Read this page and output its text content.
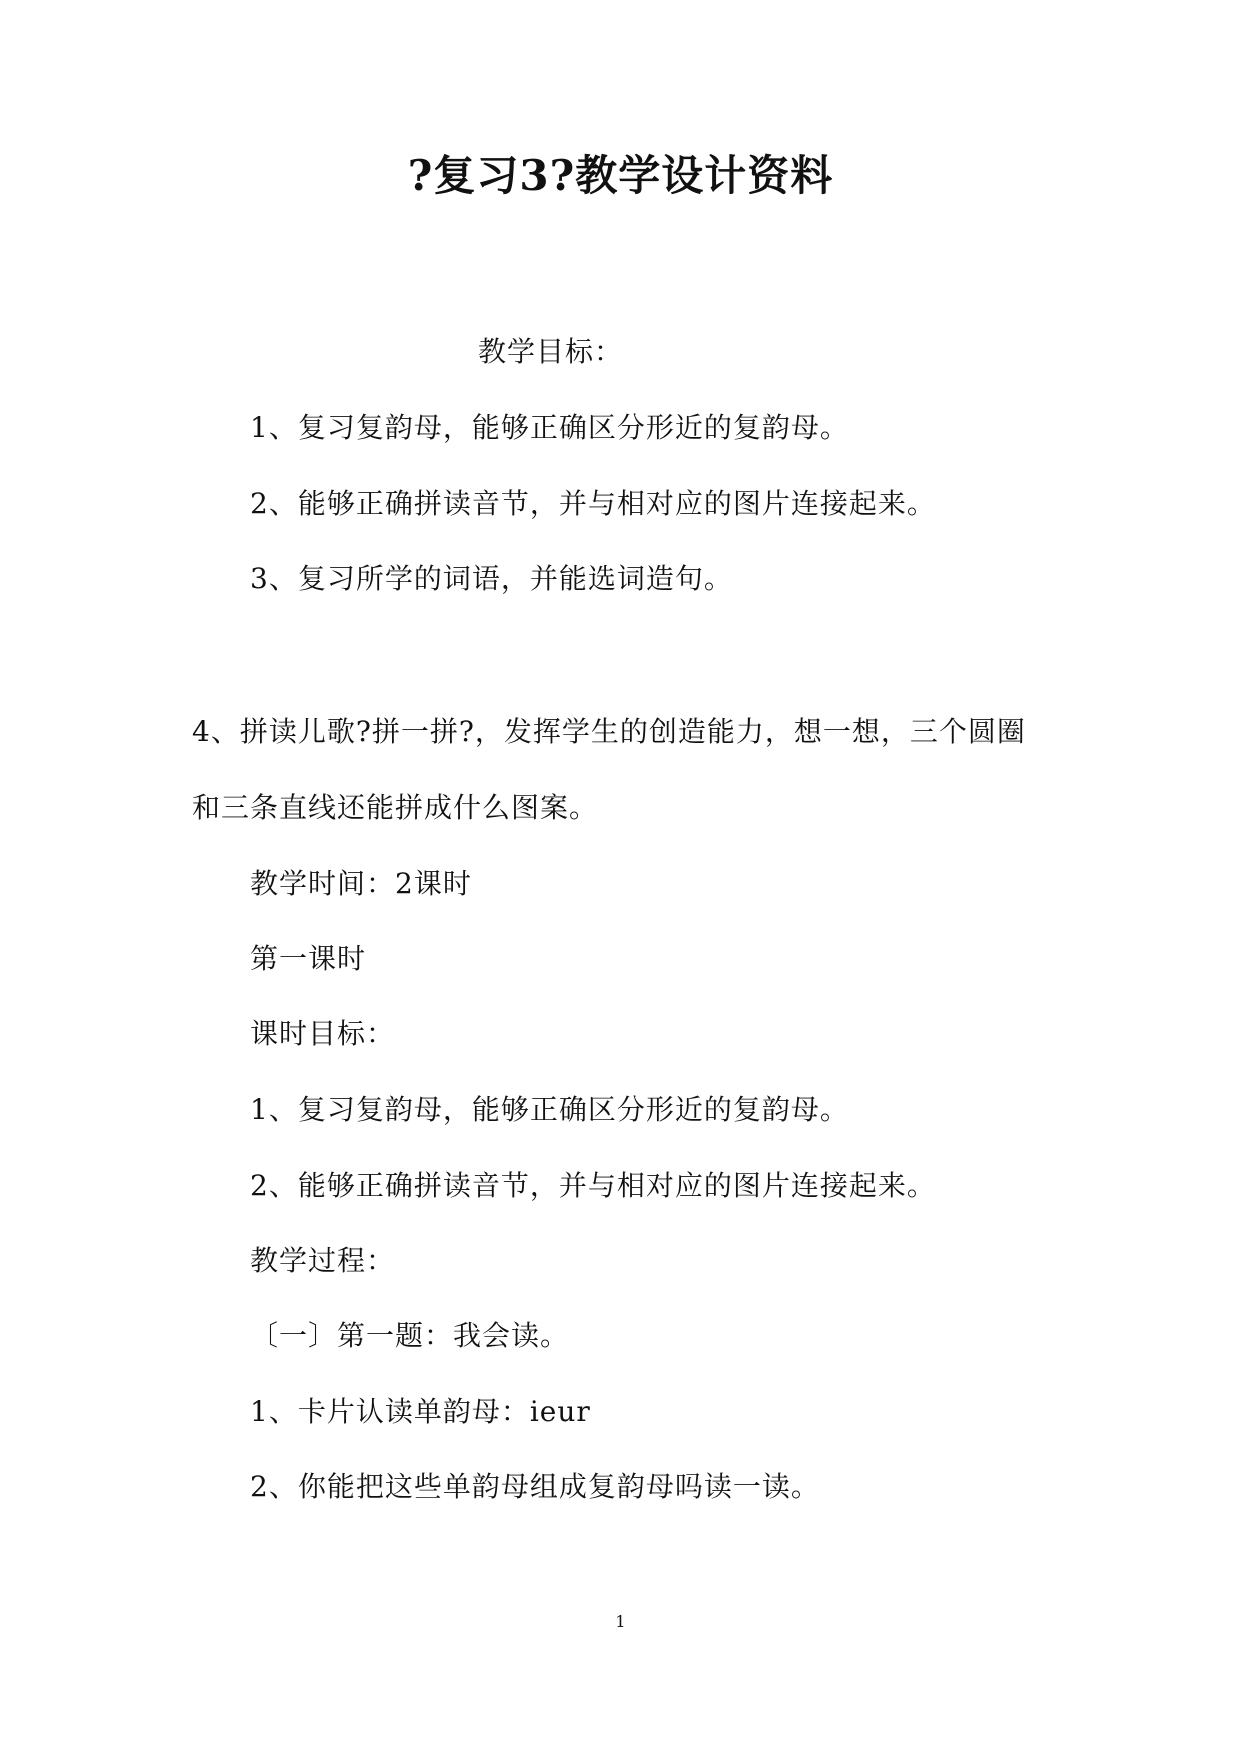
?复习3?教学设计资料
教学目标：
1、复习复韵母，能够正确区分形近的复韵母。
2、能够正确拼读音节，并与相对应的图片连接起来。
3、复习所学的词语，并能选词造句。
4、拼读儿歌?拼一拼?，发挥学生的创造能力，想一想，三个圆圈
和三条直线还能拼成什么图案。
教学时间：2课时
第一课时
课时目标：
1、复习复韵母，能够正确区分形近的复韵母。
2、能够正确拼读音节，并与相对应的图片连接起来。
教学过程：
〔一〕第一题：我会读。
1、卡片认读单韵母：ieur
2、你能把这些单韵母组成复韵母吗读一读。
1
